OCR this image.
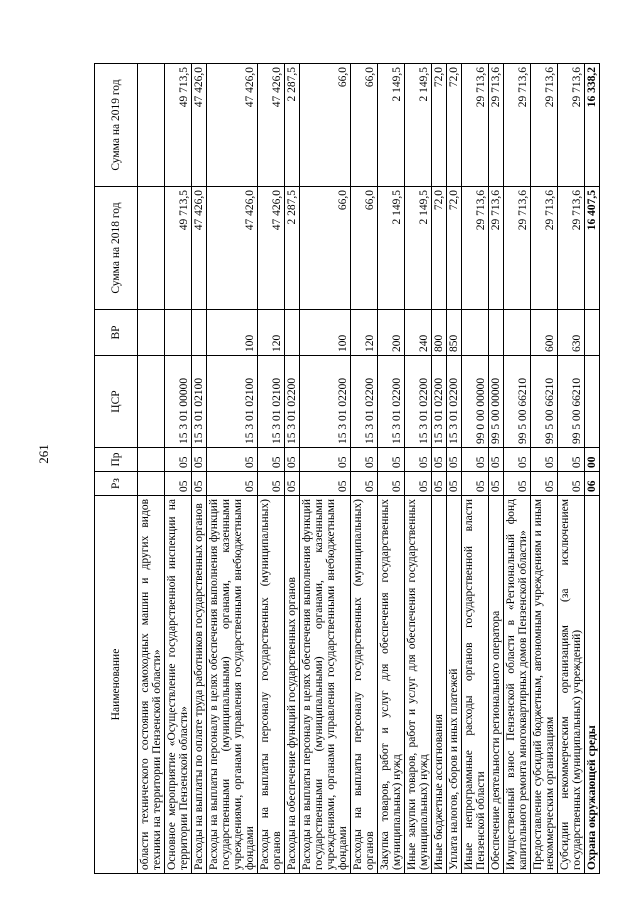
261
Наименование	Рз	Пр	ЦСР	ВР	Сумма на 2018 год	Сумма на 2019 год
области технического состояния самоходных машин и других видов техники на территории Пензенской области»						
Основное мероприятие «Осуществление государственной инспекции на территории Пензенской области»	05	05	15 3 01 00000		49 713,5	49 713,5
Расходы на выплаты по оплате труда работников государственных органов	05	05	15 3 01 02100		47 426,0	47 426,0
Расходы на выплаты персоналу в целях обеспечения выполнения функций государственными (муниципальными) органами, казенными учреждениями, органами управления государственными внебюджетными фондами	05	05	15 3 01 02100	100	47 426,0	47 426,0
Расходы на выплаты персоналу государственных (муниципальных) органов	05	05	15 3 01 02100	120	47 426,0	47 426,0
Расходы на обеспечение функций государственных органов	05	05	15 3 01 02200		2 287,5	2 287,5
Расходы на выплаты персоналу в целях обеспечения выполнения функций государственными (муниципальными) органами, казенными учреждениями, органами управления государственными внебюджетными фондами	05	05	15 3 01 02200	100	66,0	66,0
Расходы на выплаты персоналу государственных (муниципальных) органов	05	05	15 3 01 02200	120	66,0	66,0
Закупка товаров, работ и услуг для обеспечения государственных (муниципальных) нужд	05	05	15 3 01 02200	200	2 149,5	2 149,5
Иные закупки товаров, работ и услуг для обеспечения государственных (муниципальных) нужд	05	05	15 3 01 02200	240	2 149,5	2 149,5
Иные бюджетные ассигнования	05	05	15 3 01 02200	800	72,0	72,0
Уплата налогов, сборов и иных платежей	05	05	15 3 01 02200	850	72,0	72,0
Иные непрограммные расходы органов государственной власти Пензенской области	05	05	99 0 00 00000		29 713,6	29 713,6
Обеспечение деятельности регионального оператора	05	05	99 5 00 00000		29 713,6	29 713,6
Имущественный взнос Пензенской области в «Региональный фонд капитального ремонта многоквартирных домов Пензенской области»	05	05	99 5 00 66210		29 713,6	29 713,6
Предоставление субсидий бюджетным, автономным учреждениям и иным некоммерческим организациям	05	05	99 5 00 66210	600	29 713,6	29 713,6
Субсидии некоммерческим организациям (за исключением государственных (муниципальных) учреждений)	05	05	99 5 00 66210	630	29 713,6	29 713,6
Охрана окружающей среды	06	00			16 407,5	16 338,2
